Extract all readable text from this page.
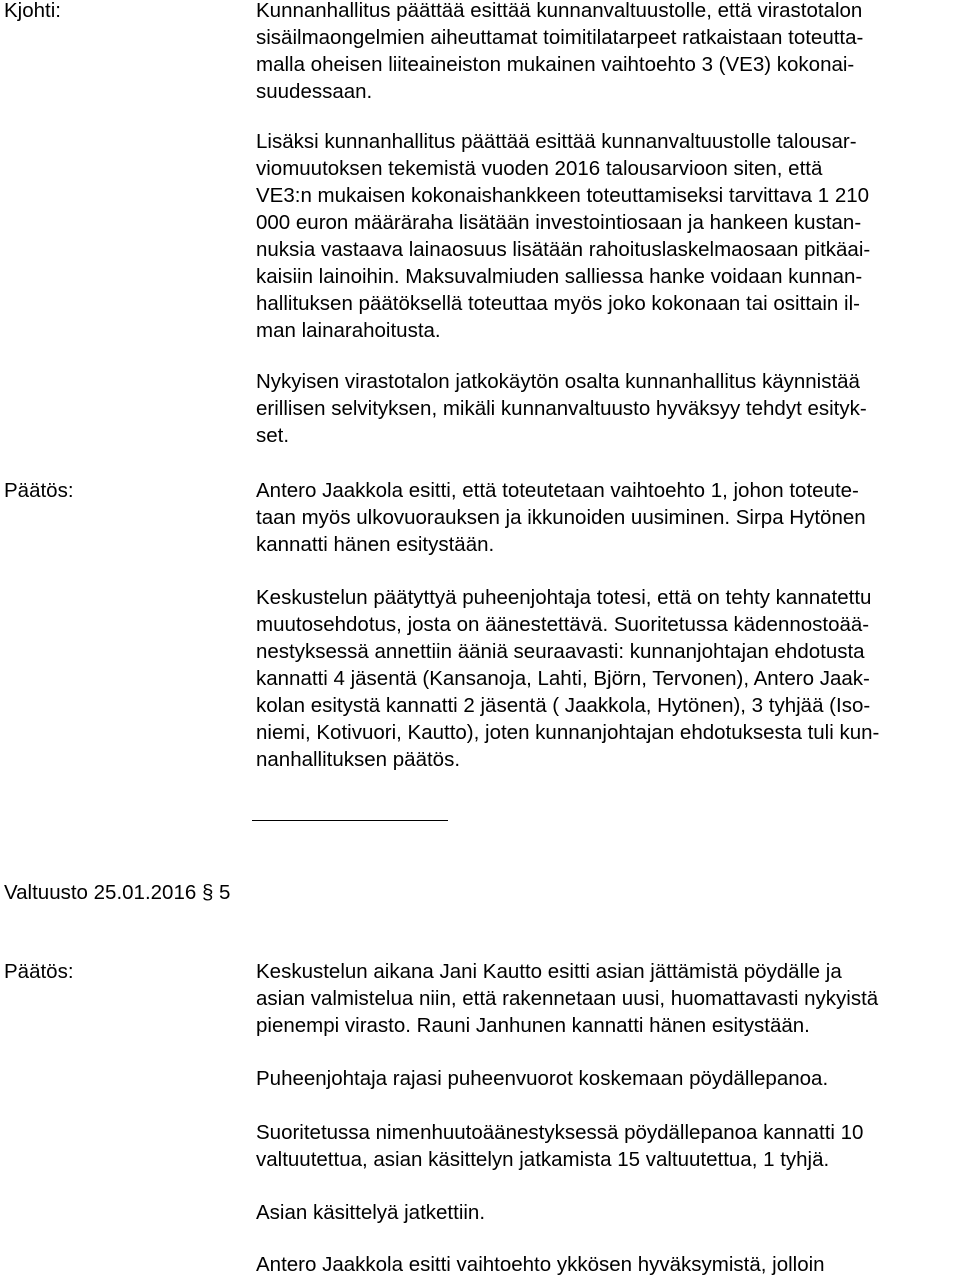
Kjohti:	Kunnanhallitus päättää esittää kunnanvaltuustolle, että virastotalon
sisäilmaongelmien aiheuttamat toimitilatarpeet ratkaistaan toteutta-
malla oheisen liiteaineiston mukainen vaihtoehto 3 (VE3) kokonai-
suudessaan.
Lisäksi kunnanhallitus päättää esittää kunnanvaltuustolle talousar-
viomuutoksen tekemistä vuoden 2016 talousarvioon siten, että
VE3:n mukaisen kokonaishankkeen toteuttamiseksi tarvittava 1 210
000 euron määräraha lisätään investointiosaan ja hankeen kustan-
nuksia vastaava lainaosuus lisätään rahoituslaskelmaosaan pitkäai-
kaisiin lainoihin. Maksuvalmiuden salliessa hanke voidaan kunnan-
hallituksen päätöksellä toteuttaa myös joko kokonaan tai osittain il-
man lainarahoitusta.
Nykyisen virastotalon jatkokäytön osalta kunnanhallitus käynnistää
erillisen selvityksen, mikäli kunnanvaltuusto hyväksyy tehdyt esityk-
set.
Päätös:	Antero Jaakkola esitti, että toteutetaan vaihtoehto 1, johon toteute-
taan myös ulkovuorauksen ja ikkunoiden uusiminen. Sirpa Hytönen
kannatti hänen esitystään.
Keskustelun päätyttyä puheenjohtaja totesi, että on tehty kannatettu
muutosehdotus, josta on äänestettävä. Suoritetussa kädennostoää-
nestyksessä annettiin ääniä seuraavasti: kunnanjohtajan ehdotusta
kannatti 4 jäsentä (Kansanoja, Lahti, Björn, Tervonen), Antero Jaak-
kolan esitystä kannatti 2 jäsentä ( Jaakkola, Hytönen), 3 tyhjää (Iso-
niemi, Kotivuori, Kautto), joten kunnanjohtajan ehdotuksesta tuli kun-
nanhallituksen päätös.
Valtuusto 25.01.2016 § 5
Päätös:	Keskustelun aikana Jani Kautto esitti asian jättämistä pöydälle ja
asian valmistelua niin, että rakennetaan uusi, huomattavasti nykyistä
pienempi virasto. Rauni Janhunen kannatti hänen esitystään.
Puheenjohtaja rajasi puheenvuorot koskemaan pöydällepanoa.
Suoritetussa nimenhuutoäänestyksessä pöydällepanoa kannatti 10
valtuutettua, asian käsittelyn jatkamista 15 valtuutettua, 1 tyhjä.
Asian käsittelyä jatkettiin.
Antero Jaakkola esitti vaihtoehto ykkösen hyväksymistä, jolloin
